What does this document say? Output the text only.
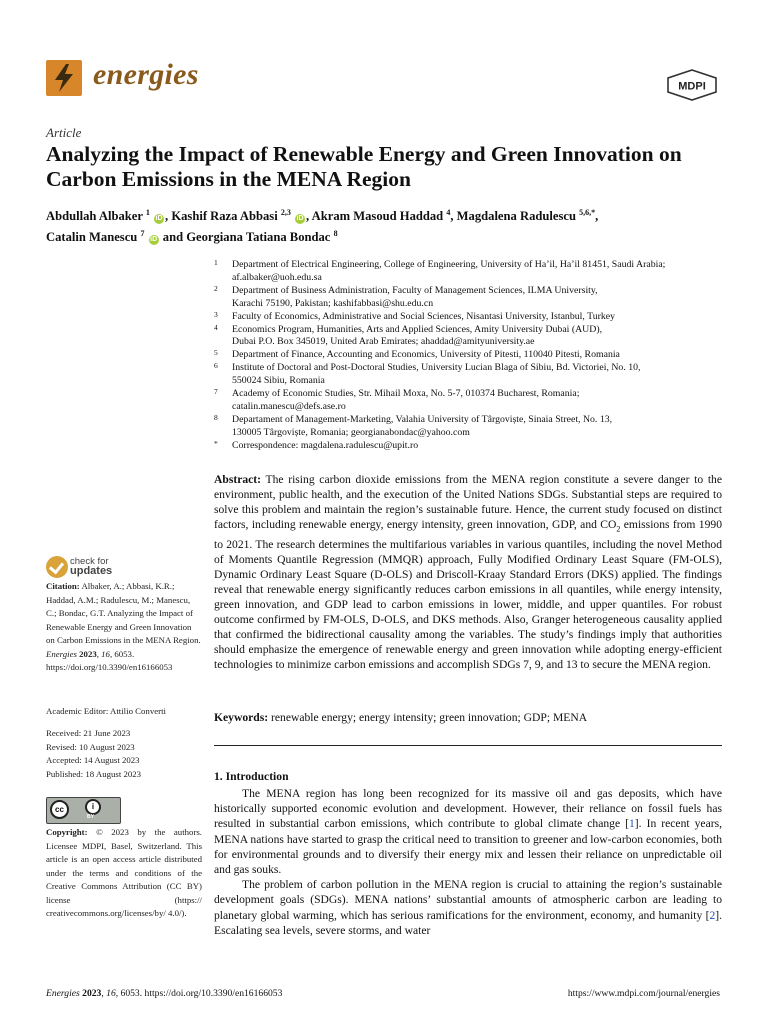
energies	MDPI
Article
Analyzing the Impact of Renewable Energy and Green Innovation on Carbon Emissions in the MENA Region
Abdullah Albaker $^1$ iD , Kashif Raza Abbasi $^{2,3}$ iD , Akram Masoud Haddad $^4$, Magdalena Radulescu $^{5,6,*}$,
Catalin Manescu $^7$ iD and Georgiana Tatiana Bondac $^8$
1 Department of Electrical Engineering, College of Engineering, University of Ha’il, Ha’il 81451, Saudi Arabia;
af.albaker@uoh.edu.sa
2 Department of Business Administration, Faculty of Management Sciences, ILMA University,
Karachi 75190, Pakistan; kashifabbasi@shu.edu.cn
3 Faculty of Economics, Administrative and Social Sciences, Nisantasi University, Istanbul, Turkey
4 Economics Program, Humanities, Arts and Applied Sciences, Amity University Dubai (AUD),
Dubai P.O. Box 345019, United Arab Emirates; ahaddad@amityuniversity.ae
5 Department of Finance, Accounting and Economics, University of Pitesti, 110040 Pitesti, Romania
6 Institute of Doctoral and Post-Doctoral Studies, University Lucian Blaga of Sibiu, Bd. Victoriei, No. 10,
550024 Sibiu, Romania
7 Academy of Economic Studies, Str. Mihail Moxa, No. 5-7, 010374 Bucharest, Romania;
catalin.manescu@defs.ase.ro
8 Departament of Management-Marketing, Valahia University of Târgoviște, Sinaia Street, No. 13,
130005 Târgoviște, Romania; georgianabondac@yahoo.com
* Correspondence: magdalena.radulescu@upit.ro
check for
updates
Citation: Albaker, A.; Abbasi, K.R.; Haddad, A.M.; Radulescu, M.; Manescu, C.; Bondac, G.T. Analyzing the Impact of Renewable Energy and Green Innovation on Carbon Emissions in the MENA Region. Energies 2023, 16, 6053. https://doi.org/10.3390/en16166053
Academic Editor: Attilio Converti
Received: 21 June 2023
Revised: 10 August 2023
Accepted: 14 August 2023
Published: 18 August 2023
cc	i
BY
Copyright: © 2023 by the authors. Licensee MDPI, Basel, Switzerland. This article is an open access article distributed under the terms and conditions of the Creative Commons Attribution (CC BY) license (https:// creativecommons.org/licenses/by/ 4.0/).
Abstract: The rising carbon dioxide emissions from the MENA region constitute a severe danger to the environment, public health, and the execution of the United Nations SDGs. Substantial steps are required to solve this problem and maintain the region’s sustainable future. Hence, the current study focused on distinct factors, including renewable energy, energy intensity, green innovation, GDP, and $CO_2$ emissions from 1990 to 2021. The research determines the multifarious variables in various quantiles, including the novel Method of Moments Quantile Regression (MMQR) approach, Fully Modified Ordinary Least Square (FM-OLS), Dynamic Ordinary Least Square (D-OLS) and Driscoll-Kraay Standard Errors (DKS) applied. The findings reveal that renewable energy significantly reduces carbon emissions in all quantiles, while energy intensity, green innovation, and GDP lead to carbon emissions in lower, middle, and upper quantiles. For robust outcome confirmed by FM-OLS, D-OLS, and DKS methods. Also, Granger heterogeneous causality applied that confirmed the bidirectional causality among the variables. The study’s findings imply that authorities should emphasize the emergence of renewable energy and green innovation while adopting energy-efficient technologies to minimize carbon emissions and accomplish SDGs 7, 9, and 13 to secure the MENA region.
Keywords: renewable energy; energy intensity; green innovation; GDP; MENA
1. Introduction

The MENA region has long been recognized for its massive oil and gas deposits, which have historically supported economic evolution and development. However, their reliance on fossil fuels has resulted in substantial carbon emissions, which contribute to global climate change [1]. In recent years, MENA nations have started to grasp the critical need to transition to greener and low-carbon economies, both for environmental grounds and to diversify their energy mix and lessen their reliance on unpredictable oil and gas souks.

The problem of carbon pollution in the MENA region is crucial to attaining the region’s sustainable development goals (SDGs). MENA nations’ substantial amounts of atmospheric carbon are leading to planetary global warming, which has serious ramifications for the environment, economy, and humanity [2]. Escalating sea levels, severe storms, and water

Energies 2023, 16, 6053. https://doi.org/10.3390/en16166053	https://www.mdpi.com/journal/energies
